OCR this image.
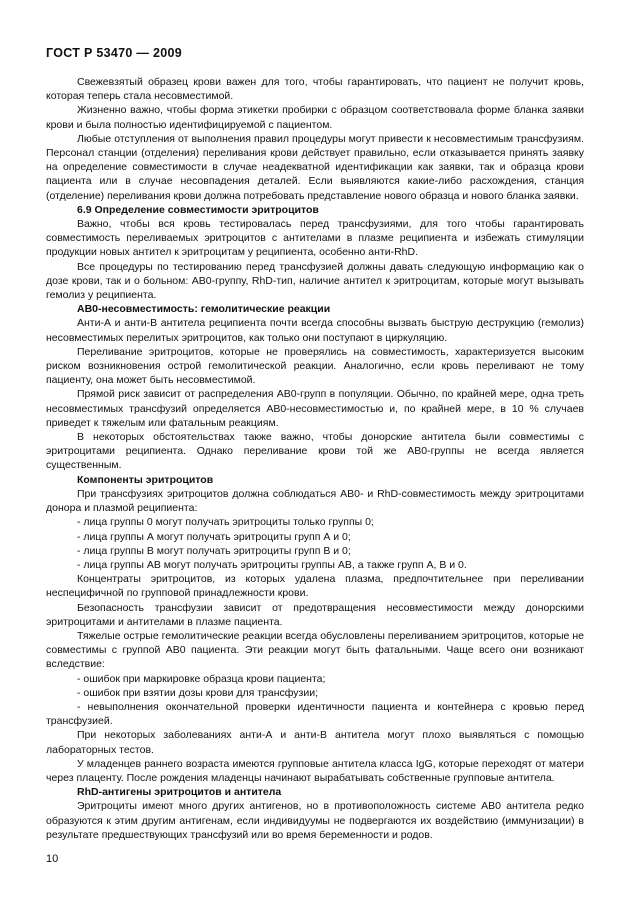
ГОСТ Р 53470 — 2009

Свежевзятый образец крови важен для того, чтобы гарантировать, что пациент не получит кровь, которая теперь стала несовместимой.

Жизненно важно, чтобы форма этикетки пробирки с образцом соответствовала форме бланка заявки крови и была полностью идентифицируемой с пациентом.

Любые отступления от выполнения правил процедуры могут привести к несовместимым трансфузиям. Персонал станции (отделения) переливания крови действует правильно, если отказывается принять заявку на определение совместимости в случае неадекватной идентификации как заявки, так и образца крови пациента или в случае несовпадения деталей. Если выявляются какие-либо расхождения, станция (отделение) переливания крови должна потребовать представление нового образца и нового бланка заявки.

6.9 Определение совместимости эритроцитов

Важно, чтобы вся кровь тестировалась перед трансфузиями, для того чтобы гарантировать совместимость переливаемых эритроцитов с антителами в плазме реципиента и избежать стимуляции продукции новых антител к эритроцитам у реципиента, особенно анти-RhD.

Все процедуры по тестированию перед трансфузией должны давать следующую информацию как о дозе крови, так и о больном: АВ0-группу, RhD-тип, наличие антител к эритроцитам, которые могут вызывать гемолиз у реципиента.

АВ0-несовместимость: гемолитические реакции

Анти-А и анти-В антитела реципиента почти всегда способны вызвать быструю деструкцию (гемолиз) несовместимых перелитых эритроцитов, как только они поступают в циркуляцию.

Переливание эритроцитов, которые не проверялись на совместимость, характеризуется высоким риском возникновения острой гемолитической реакции. Аналогично, если кровь переливают не тому пациенту, она может быть несовместимой.

Прямой риск зависит от распределения АВ0-групп в популяции. Обычно, по крайней мере, одна треть несовместимых трансфузий определяется АВ0-несовместимостью и, по крайней мере, в 10 % случаев приведет к тяжелым или фатальным реакциям.

В некоторых обстоятельствах также важно, чтобы донорские антитела были совместимы с эритроцитами реципиента. Однако переливание крови той же АВ0-группы не всегда является существенным.

Компоненты эритроцитов

При трансфузиях эритроцитов должна соблюдаться АВ0- и RhD-совместимость между эритроцитами донора и плазмой реципиента:

- лица группы 0 могут получать эритроциты только группы 0;

- лица группы А могут получать эритроциты групп А и 0;

- лица группы В могут получать эритроциты групп В и 0;

- лица группы АВ могут получать эритроциты группы АВ, а также групп А, В и 0.

Концентраты эритроцитов, из которых удалена плазма, предпочтительнее при переливании неспецифичной по групповой принадлежности крови.

Безопасность трансфузии зависит от предотвращения несовместимости между донорскими эритроцитами и антителами в плазме пациента.

Тяжелые острые гемолитические реакции всегда обусловлены переливанием эритроцитов, которые не совместимы с группой АВ0 пациента. Эти реакции могут быть фатальными. Чаще всего они возникают вследствие:

- ошибок при маркировке образца крови пациента;

- ошибок при взятии дозы крови для трансфузии;

- невыполнения окончательной проверки идентичности пациента и контейнера с кровью перед трансфузией.

При некоторых заболеваниях анти-А и анти-В антитела могут плохо выявляться с помощью лабораторных тестов.

У младенцев раннего возраста имеются групповые антитела класса IgG, которые переходят от матери через плаценту. После рождения младенцы начинают вырабатывать собственные групповые антитела.

RhD-антигены эритроцитов и антитела

Эритроциты имеют много других антигенов, но в противоположность системе АВ0 антитела редко образуются к этим другим антигенам, если индивидуумы не подвергаются их воздействию (иммунизации) в результате предшествующих трансфузий или во время беременности и родов.

10
